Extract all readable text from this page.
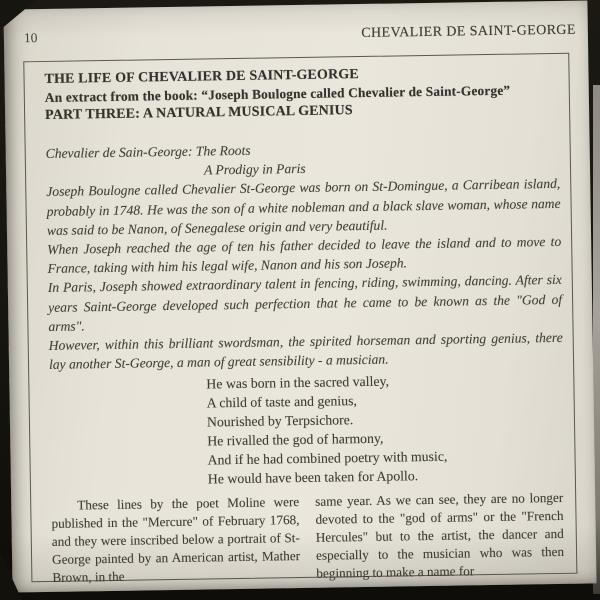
10	CHEVALIER DE SAINT-GEORGE
THE LIFE OF CHEVALIER DE SAINT-GEORGE
An extract from the book: “Joseph Boulogne called Chevalier de Saint-George”
PART THREE: A NATURAL MUSICAL GENIUS
Chevalier de Sain-George: The Roots
A Prodigy in Paris

Joseph Boulogne called Chevalier St-George was born on St-Domingue, a Carribean island, probably in 1748. He was the son of a white nobleman and a black slave woman, whose name was said to be Nanon, of Senegalese origin and very beautiful.

When Joseph reached the age of ten his father decided to leave the island and to move to France, taking with him his legal wife, Nanon and his son Joseph.

In Paris, Joseph showed extraordinary talent in fencing, riding, swimming, dancing. After six years Saint-George developed such perfection that he came to be known as the "God of arms".

However, within this brilliant swordsman, the spirited horseman and sporting genius, there lay another St-George, a man of great sensibility - a musician.

He was born in the sacred valley,
A child of taste and genius,
Nourished by Terpsichore.
He rivalled the god of harmony,
And if he had combined poetry with music,
He would have been taken for Apollo.

These lines by the poet Moline were published in the "Mercure" of February 1768, and they were inscribed below a portrait of St-George painted by an American artist, Mather Brown, in the

same year. As we can see, they are no longer devoted to the "god of arms" or the "French Hercules" but to the artist, the dancer and especially to the musician who was then beginning to make a name for
